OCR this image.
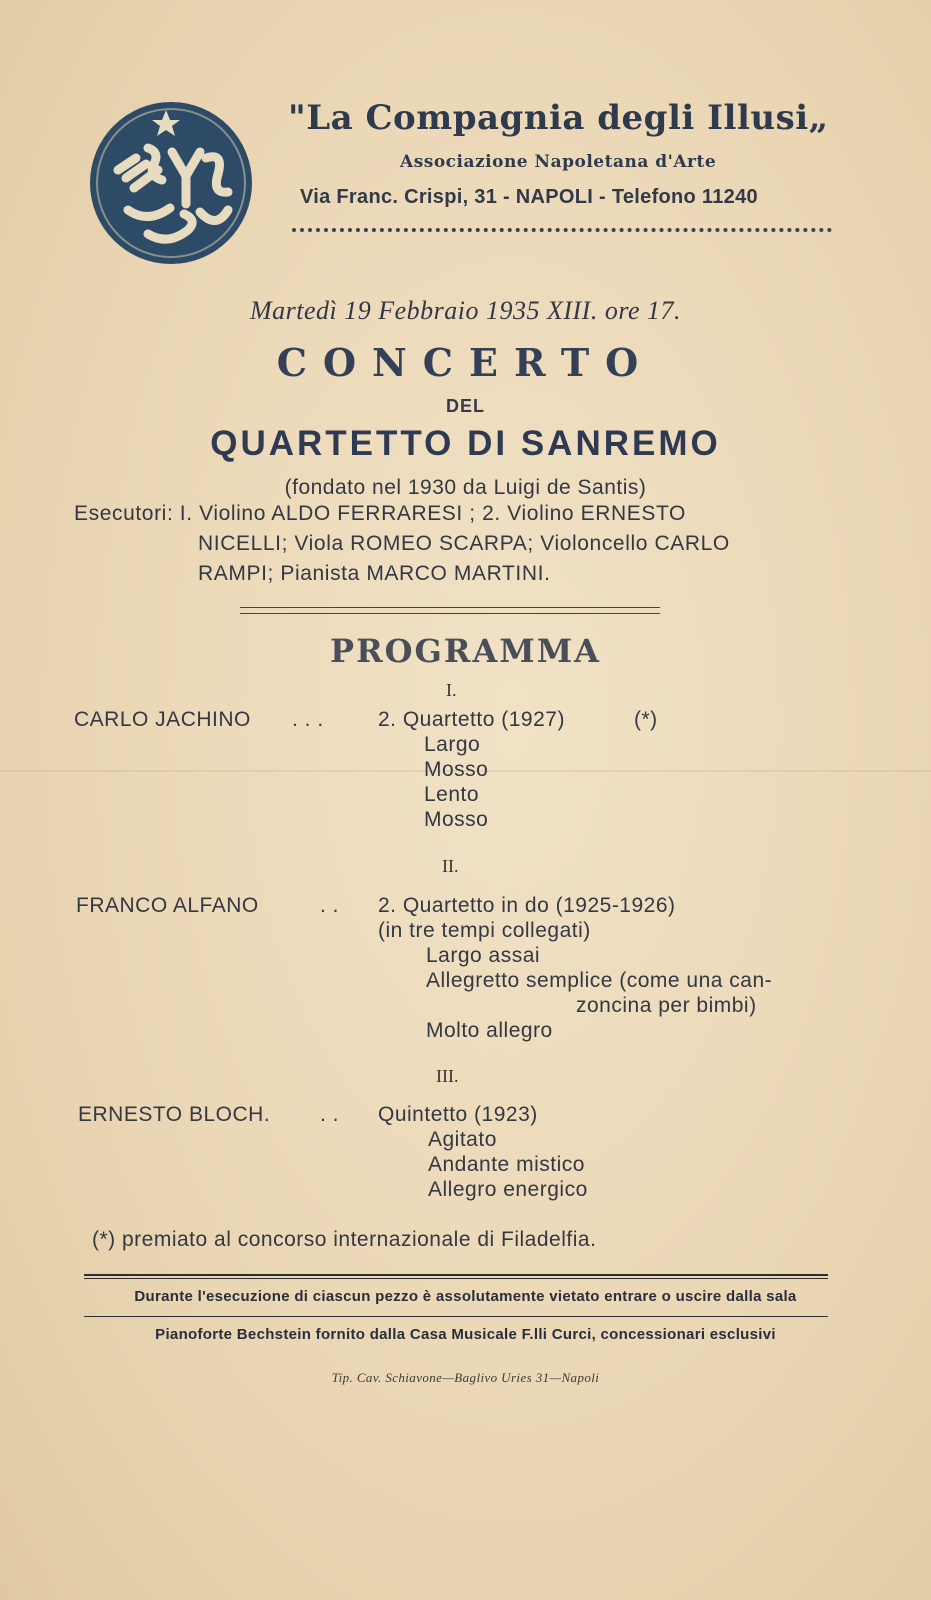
"La Compagnia degli Illusi„
Associazione Napoletana d'Arte
Via Franc. Crispi, 31 - NAPOLI - Telefono 11240
Martedì 19 Febbraio 1935 XIII. ore 17.
CONCERTO
DEL
QUARTETTO DI SANREMO
(fondato nel 1930 da Luigi de Santis)
Esecutori: I. Violino ALDO FERRARESI ; 2. Violino ERNESTO
NICELLI; Viola ROMEO SCARPA; Violoncello CARLO
RAMPI; Pianista MARCO MARTINI.
PROGRAMMA
I.
CARLO JACHINO . . .	2. Quartetto (1927)	(*)
Largo
Mosso
Lento
Mosso
II.
FRANCO ALFANO	. . 2. Quartetto in do (1925-1926)
(in tre tempi collegati)
Largo assai
Allegretto semplice (come una can-
zoncina per bimbi)
Molto allegro
III.
ERNESTO BLOCH. . . Quintetto (1923)
Agitato
Andante mistico
Allegro energico
(*) premiato al concorso internazionale di Filadelfia.
Durante l'esecuzione di ciascun pezzo è assolutamente vietato entrare o uscire dalla sala
Pianoforte Bechstein fornito dalla Casa Musicale F.lli Curci, concessionari esclusivi
Tip. Cav. Schiavone—Baglivo Uries 31—Napoli
